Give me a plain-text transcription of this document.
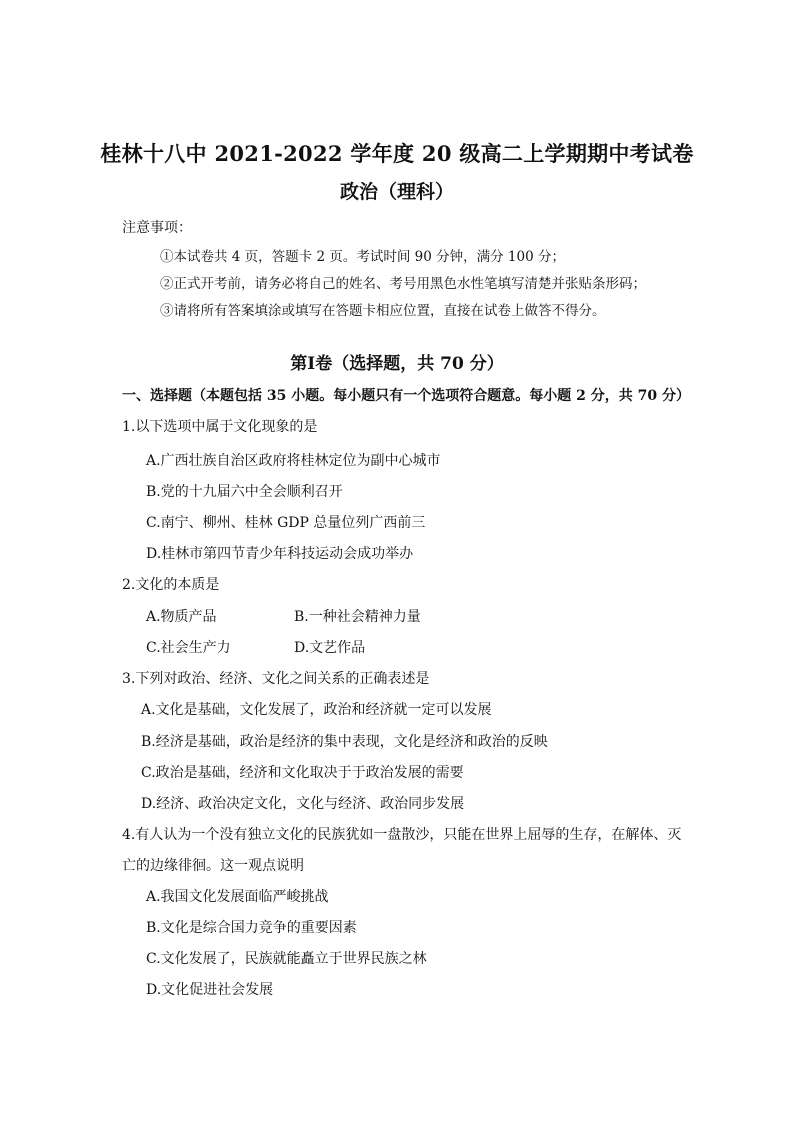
桂林十八中 2021-2022 学年度 20 级高二上学期期中考试卷
政治（理科）
注意事项：
①本试卷共 4 页，答题卡 2 页。考试时间 90 分钟，满分 100 分；
②正式开考前，请务必将自己的姓名、考号用黑色水性笔填写清楚并张贴条形码；
③请将所有答案填涂或填写在答题卡相应位置，直接在试卷上做答不得分。
第Ⅰ卷（选择题，共 70 分）
一、选择题（本题包括 35 小题。每小题只有一个选项符合题意。每小题 2 分，共 70 分）
1.以下选项中属于文化现象的是
A.广西壮族自治区政府将桂林定位为副中心城市
B.党的十九届六中全会顺利召开
C.南宁、柳州、桂林 GDP 总量位列广西前三
D.桂林市第四节青少年科技运动会成功举办
2.文化的本质是
A.物质产品	B.一种社会精神力量
C.社会生产力	D.文艺作品
3.下列对政治、经济、文化之间关系的正确表述是
A.文化是基础，文化发展了，政治和经济就一定可以发展
B.经济是基础，政治是经济的集中表现，文化是经济和政治的反映
C.政治是基础，经济和文化取决于于政治发展的需要
D.经济、政治决定文化，文化与经济、政治同步发展
4.有人认为一个没有独立文化的民族犹如一盘散沙，只能在世界上屈辱的生存，在解体、灭
亡的边缘徘徊。这一观点说明
A.我国文化发展面临严峻挑战
B.文化是综合国力竞争的重要因素
C.文化发展了，民族就能矗立于世界民族之林
D.文化促进社会发展
